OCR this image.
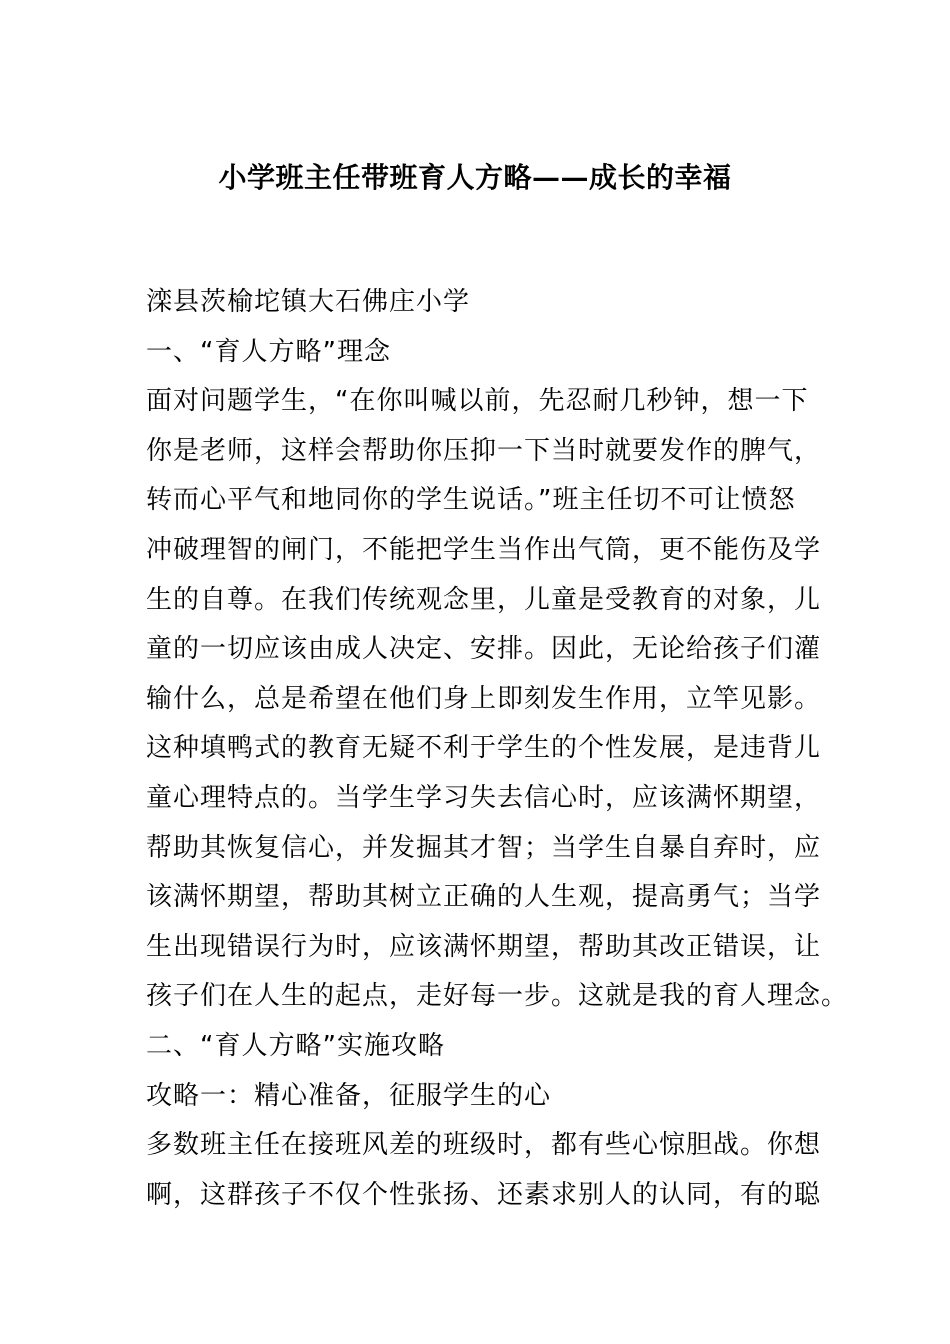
小学班主任带班育人方略——成长的幸福
滦县茨榆坨镇大石佛庄小学
一、“育人方略”理念
面对问题学生，“在你叫喊以前，先忍耐几秒钟，想一下
你是老师，这样会帮助你压抑一下当时就要发作的脾气，
转而心平气和地同你的学生说话。”班主任切不可让愤怒
冲破理智的闸门，不能把学生当作出气筒，更不能伤及学
生的自尊。在我们传统观念里，儿童是受教育的对象，儿
童的一切应该由成人决定、安排。因此，无论给孩子们灌
输什么，总是希望在他们身上即刻发生作用，立竿见影。
这种填鸭式的教育无疑不利于学生的个性发展，是违背儿
童心理特点的。当学生学习失去信心时，应该满怀期望，
帮助其恢复信心，并发掘其才智；当学生自暴自弃时，应
该满怀期望，帮助其树立正确的人生观，提高勇气；当学
生出现错误行为时，应该满怀期望，帮助其改正错误，让
孩子们在人生的起点，走好每一步。这就是我的育人理念。
二、“育人方略”实施攻略
攻略一：精心准备，征服学生的心
多数班主任在接班风差的班级时，都有些心惊胆战。你想
啊，这群孩子不仅个性张扬、还素求别人的认同，有的聪
